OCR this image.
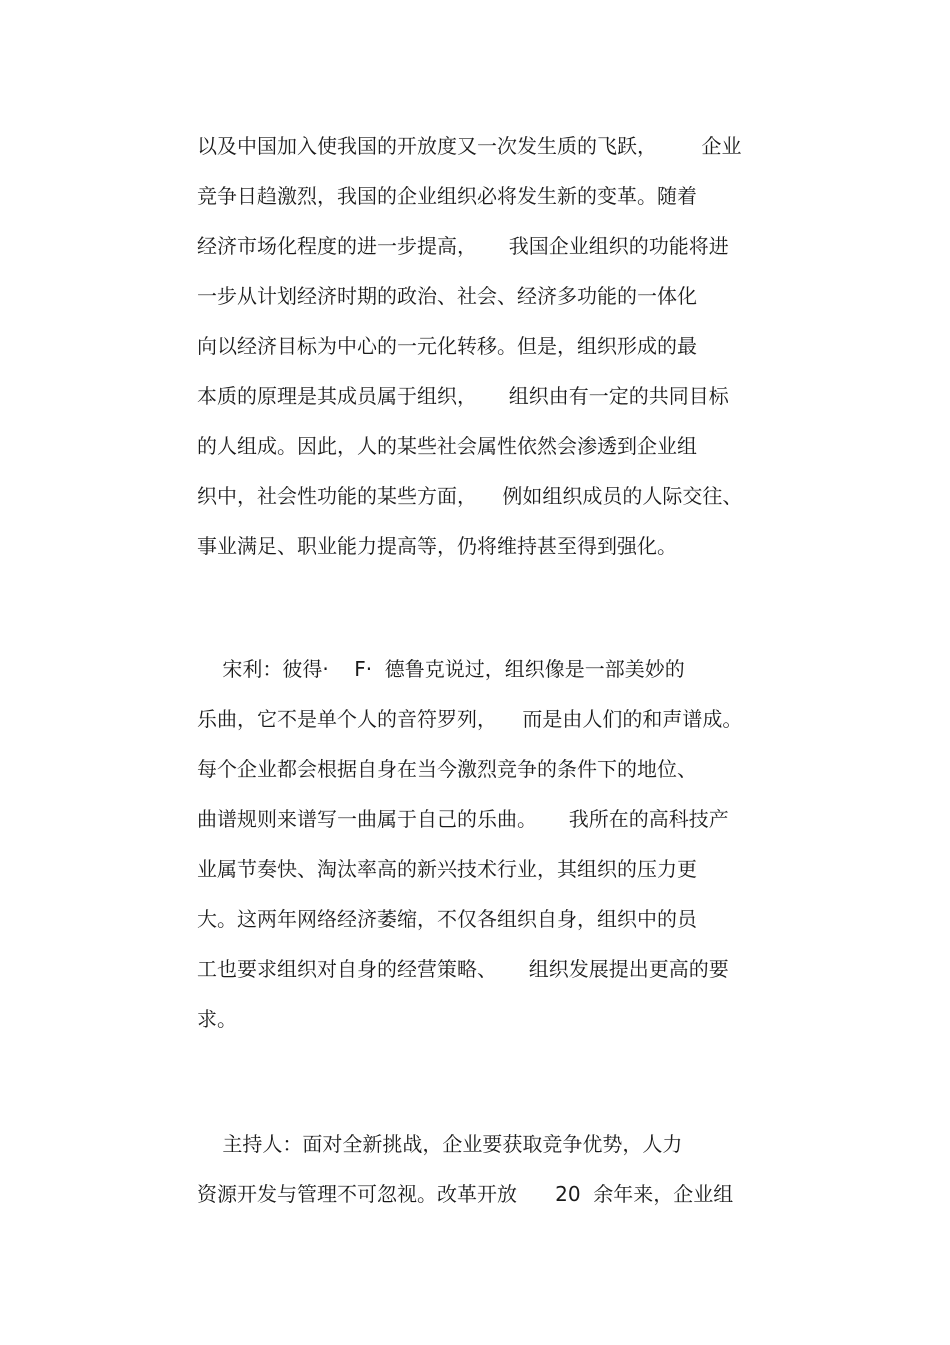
以及中国加入使我国的开放度又一次发生质的飞跃，       企业
竞争日趋激烈，我国的企业组织必将发生新的变革。随着
经济市场化程度的进一步提高，     我国企业组织的功能将进
一步从计划经济时期的政治、社会、经济多功能的一体化
向以经济目标为中心的一元化转移。但是，组织形成的最
本质的原理是其成员属于组织，     组织由有一定的共同目标
的人组成。因此，人的某些社会属性依然会渗透到企业组
织中，社会性功能的某些方面，    例如组织成员的人际交往、
事业满足、职业能力提高等，仍将维持甚至得到强化。
宋利：彼得·    F·  德鲁克说过，组织像是一部美妙的
乐曲，它不是单个人的音符罗列，    而是由人们的和声谱成。
每个企业都会根据自身在当今激烈竞争的条件下的地位、
曲谱规则来谱写一曲属于自己的乐曲。     我所在的高科技产
业属节奏快、淘汰率高的新兴技术行业，其组织的压力更
大。这两年网络经济萎缩，不仅各组织自身，组织中的员
工也要求组织对自身的经营策略、     组织发展提出更高的要
求。
主持人：面对全新挑战，企业要获取竞争优势，人力
资源开发与管理不可忽视。改革开放      20  余年来，企业组
